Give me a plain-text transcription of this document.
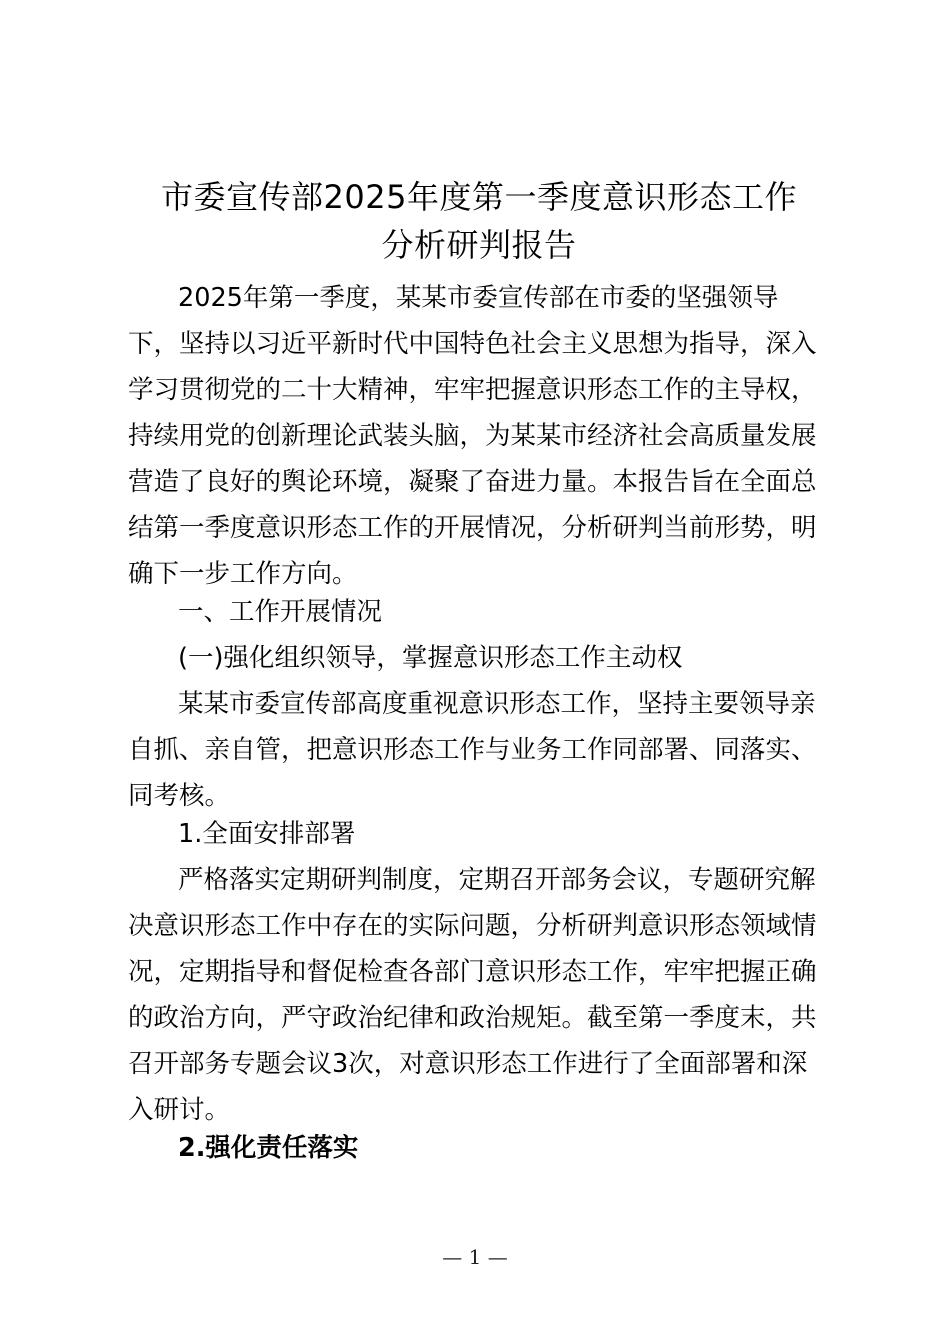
市委宣传部2025年度第一季度意识形态工作
分析研判报告
2025年第一季度，某某市委宣传部在市委的坚强领导
下，坚持以习近平新时代中国特色社会主义思想为指导，深入
学习贯彻党的二十大精神，牢牢把握意识形态工作的主导权，
持续用党的创新理论武装头脑，为某某市经济社会高质量发展
营造了良好的舆论环境，凝聚了奋进力量。本报告旨在全面总
结第一季度意识形态工作的开展情况，分析研判当前形势，明
确下一步工作方向。
一、工作开展情况
(一)强化组织领导，掌握意识形态工作主动权
某某市委宣传部高度重视意识形态工作，坚持主要领导亲
自抓、亲自管，把意识形态工作与业务工作同部署、同落实、
同考核。
1.全面安排部署
严格落实定期研判制度，定期召开部务会议，专题研究解
决意识形态工作中存在的实际问题，分析研判意识形态领域情
况，定期指导和督促检查各部门意识形态工作，牢牢把握正确
的政治方向，严守政治纪律和政治规矩。截至第一季度末，共
召开部务专题会议3次，对意识形态工作进行了全面部署和深
入研讨。
2.强化责任落实
— 1 —
